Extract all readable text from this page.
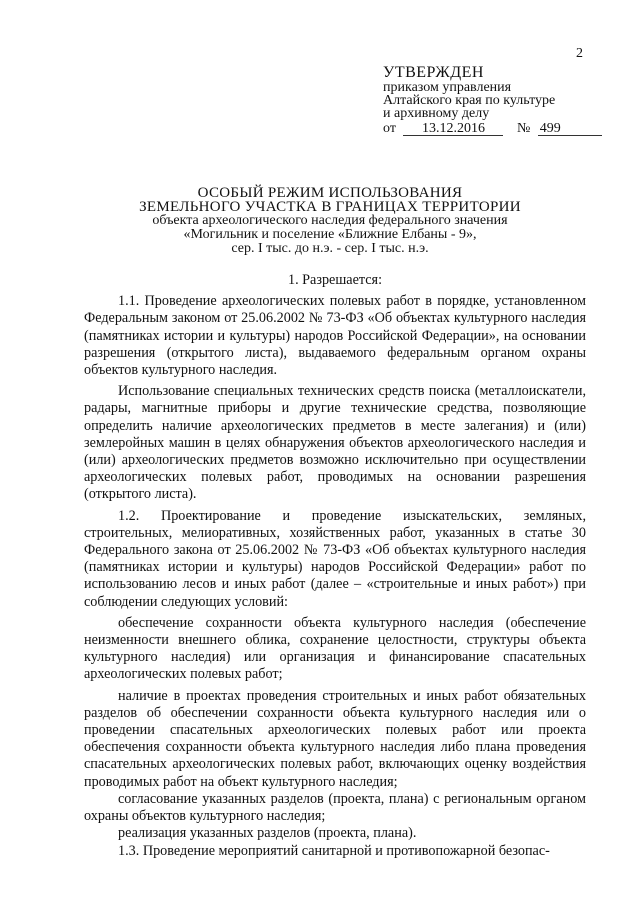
2
УТВЕРЖДЕН
приказом управления
Алтайского края по культуре
и архивному делу
от 13.12.2016 № 499
ОСОБЫЙ РЕЖИМ ИСПОЛЬЗОВАНИЯ
ЗЕМЕЛЬНОГО УЧАСТКА В ГРАНИЦАХ ТЕРРИТОРИИ
объекта археологического наследия федерального значения
«Могильник и поселение «Ближние Елбаны - 9»,
сер. I тыс. до н.э. - сер. I тыс. н.э.
1. Разрешается:

1.1. Проведение археологических полевых работ в порядке, установленном Федеральным законом от 25.06.2002 № 73-ФЗ «Об объектах культурного наследия (памятниках истории и культуры) народов Российской Федерации», на основании разрешения (открытого листа), выдаваемого федеральным органом охраны объектов культурного наследия.

Использование специальных технических средств поиска (металлоискатели, радары, магнитные приборы и другие технические средства, позволяющие определить наличие археологических предметов в месте залегания) и (или) землеройных машин в целях обнаружения объектов археологического наследия и (или) археологических предметов возможно исключительно при осуществлении археологических полевых работ, проводимых на основании разрешения (открытого листа).

1.2. Проектирование и проведение изыскательских, земляных, строительных, мелиоративных, хозяйственных работ, указанных в статье 30 Федерального закона от 25.06.2002 № 73-ФЗ «Об объектах культурного наследия (памятниках истории и культуры) народов Российской Федерации» работ по использованию лесов и иных работ (далее – «строительные и иных работ») при соблюдении следующих условий:

обеспечение сохранности объекта культурного наследия (обеспечение неизменности внешнего облика, сохранение целостности, структуры объекта культурного наследия) или организация и финансирование спасательных археологических полевых работ;

наличие в проектах проведения строительных и иных работ обязательных разделов об обеспечении сохранности объекта культурного наследия или о проведении спасательных археологических полевых работ или проекта обеспечения сохранности объекта культурного наследия либо плана проведения спасательных археологических полевых работ, включающих оценку воздействия проводимых работ на объект культурного наследия;

согласование указанных разделов (проекта, плана) с региональным органом охраны объектов культурного наследия;

реализация указанных разделов (проекта, плана).

1.3. Проведение мероприятий санитарной и противопожарной безопас-
